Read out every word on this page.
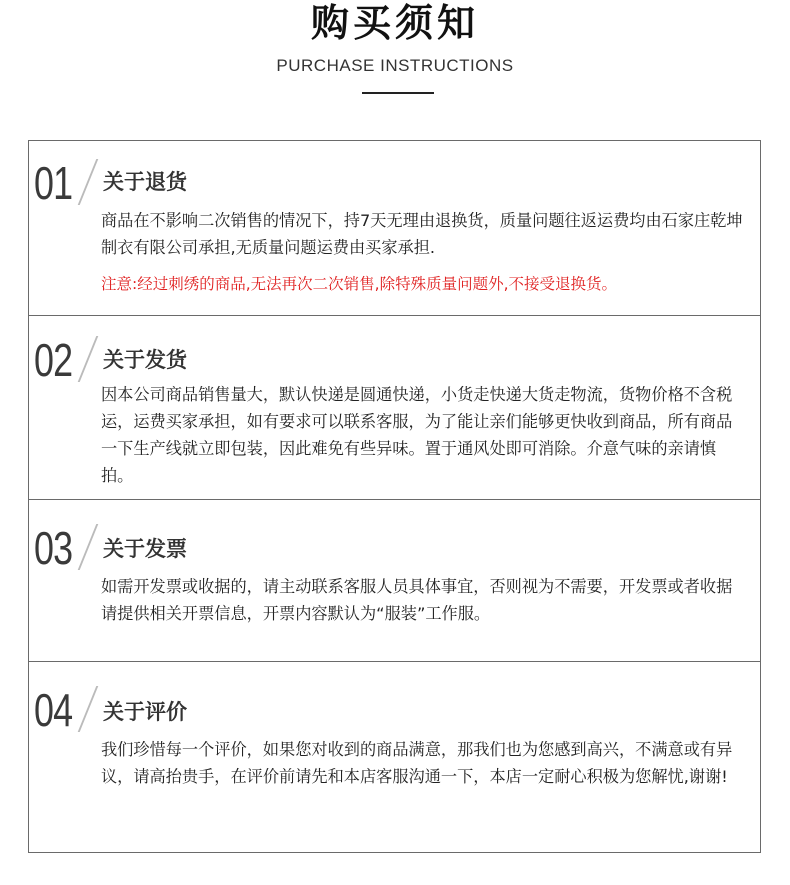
购买须知
PURCHASE INSTRUCTIONS
01 关于退货
商品在不影响二次销售的情况下，持7天无理由退换货，质量问题往返运费均由石家庄乾坤制衣有限公司承担,无质量问题运费由买家承担.
注意:经过刺绣的商品,无法再次二次销售,除特殊质量问题外,不接受退换货。
02 关于发货
因本公司商品销售量大，默认快递是圆通快递，小货走快递大货走物流，货物价格不含税运，运费买家承担，如有要求可以联系客服，为了能让亲们能够更快收到商品，所有商品一下生产线就立即包装，因此难免有些异味。置于通风处即可消除。介意气味的亲请慎拍。
03 关于发票
如需开发票或收据的，请主动联系客服人员具体事宜，否则视为不需要，开发票或者收据请提供相关开票信息，开票内容默认为“服装”工作服。
04 关于评价
我们珍惜每一个评价，如果您对收到的商品满意，那我们也为您感到高兴，不满意或有异议，请高抬贵手，在评价前请先和本店客服沟通一下，本店一定耐心积极为您解忧,谢谢!
